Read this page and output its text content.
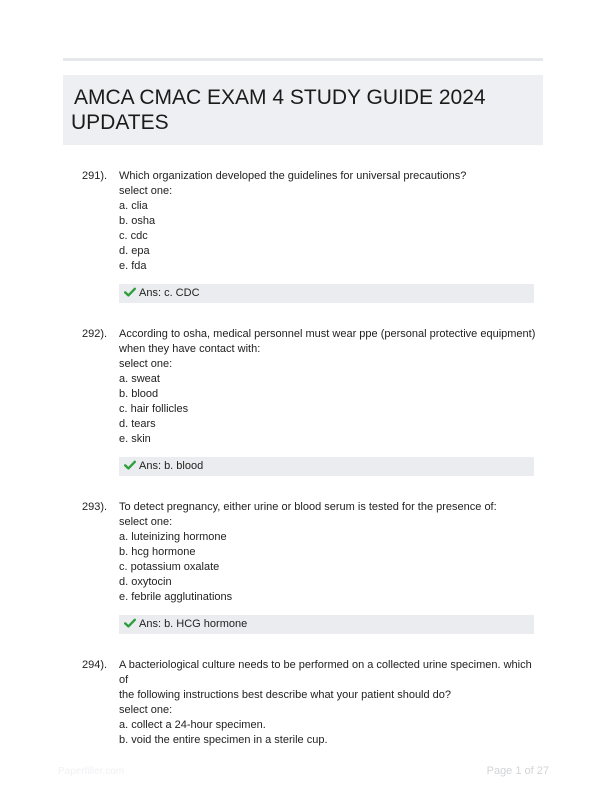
AMCA CMAC EXAM 4 STUDY GUIDE 2024
UPDATES
291). Which organization developed the guidelines for universal precautions?
select one:
a. clia
b. osha
c. cdc
d. epa
e. fda
Ans: c. CDC
292). According to osha, medical personnel must wear ppe (personal protective equipment)
when they have contact with:
select one:
a. sweat
b. blood
c. hair follicles
d. tears
e. skin
Ans: b. blood
293). To detect pregnancy, either urine or blood serum is tested for the presence of:
select one:
a. luteinizing hormone
b. hcg hormone
c. potassium oxalate
d. oxytocin
e. febrile agglutinations
Ans: b. HCG hormone
294). A bacteriological culture needs to be performed on a collected urine specimen. which of
the following instructions best describe what your patient should do?
select one:
a. collect a 24-hour specimen.
b. void the entire specimen in a sterile cup.
Paperfiller.com	Page 1 of 27
